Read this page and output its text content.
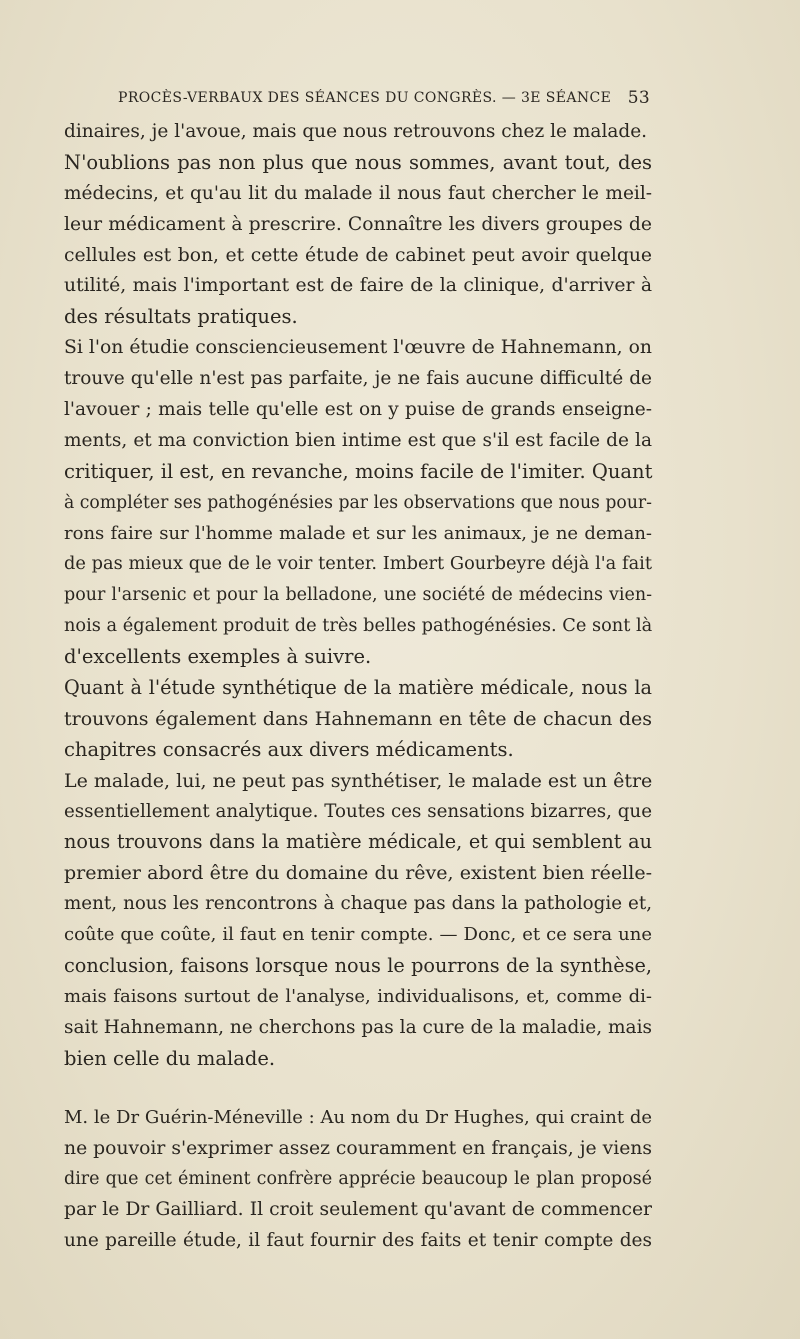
PROCÈS-VERBAUX DES SÉANCES DU CONGRÈS. — 3E SÉANCE 53
dinaires, je l'avoue, mais que nous retrouvons chez le malade.
N'oublions pas non plus que nous sommes, avant tout, des
médecins, et qu'au lit du malade il nous faut chercher le meil-
leur médicament à prescrire. Connaître les divers groupes de
cellules est bon, et cette étude de cabinet peut avoir quelque
utilité, mais l'important est de faire de la clinique, d'arriver à
des résultats pratiques.
Si l'on étudie consciencieusement l'œuvre de Hahnemann, on
trouve qu'elle n'est pas parfaite, je ne fais aucune difficulté de
l'avouer ; mais telle qu'elle est on y puise de grands enseigne-
ments, et ma conviction bien intime est que s'il est facile de la
critiquer, il est, en revanche, moins facile de l'imiter. Quant
à compléter ses pathogénésies par les observations que nous pour-
rons faire sur l'homme malade et sur les animaux, je ne deman-
de pas mieux que de le voir tenter. Imbert Gourbeyre déjà l'a fait
pour l'arsenic et pour la belladone, une société de médecins vien-
nois a également produit de très belles pathogénésies. Ce sont là
d'excellents exemples à suivre.
Quant à l'étude synthétique de la matière médicale, nous la
trouvons également dans Hahnemann en tête de chacun des
chapitres consacrés aux divers médicaments.
Le malade, lui, ne peut pas synthétiser, le malade est un être
essentiellement analytique. Toutes ces sensations bizarres, que
nous trouvons dans la matière médicale, et qui semblent au
premier abord être du domaine du rêve, existent bien réelle-
ment, nous les rencontrons à chaque pas dans la pathologie et,
coûte que coûte, il faut en tenir compte. — Donc, et ce sera une
conclusion, faisons lorsque nous le pourrons de la synthèse,
mais faisons surtout de l'analyse, individualisons, et, comme di-
sait Hahnemann, ne cherchons pas la cure de la maladie, mais
bien celle du malade.
M. le Dr Guérin-Méneville : Au nom du Dr Hughes, qui craint de
ne pouvoir s'exprimer assez couramment en français, je viens
dire que cet éminent confrère apprécie beaucoup le plan proposé
par le Dr Gailliard. Il croit seulement qu'avant de commencer
une pareille étude, il faut fournir des faits et tenir compte des
